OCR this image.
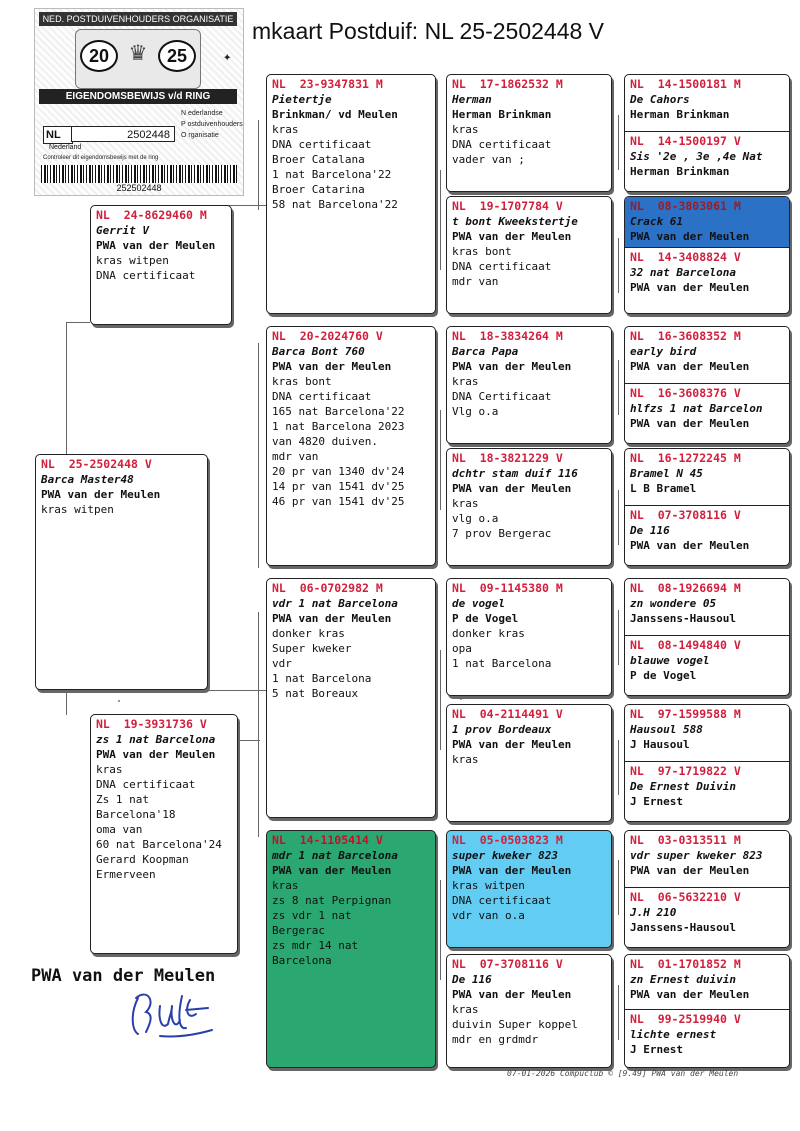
mkaart Postduif: NL 25-2502448 V
NED. POSTDUIVENHOUDERS ORGANISATIE
20 ♛	25	✦
EIGENDOMSBEWIJS v/d RING
N ederlandse
P ostduivenhouders
O rganisatie
NL	2502448
Nederland
Controleer dit eigendomsbewijs met de ring
252502448
NL  25-2502448 V
Barca Master48
PWA van der Meulen
kras witpen
NL  24-8629460 M
Gerrit V
PWA van der Meulen
kras witpen
DNA certificaat
NL  19-3931736 V
zs 1 nat Barcelona
PWA van der Meulen
kras
DNA certificaat
Zs 1 nat
Barcelona'18
oma van
60 nat Barcelona'24
Gerard Koopman
Ermerveen
NL  23-9347831 M
Pietertje
Brinkman/ vd Meulen
kras
DNA certificaat
Broer Catalana
1 nat Barcelona'22
Broer Catarina
58 nat Barcelona'22
NL  20-2024760 V
Barca Bont 760
PWA van der Meulen
kras bont
DNA certificaat
165 nat Barcelona'22
1 nat Barcelona 2023
van 4820 duiven.
mdr van
20 pr van 1340 dv'24
14 pr van 1541 dv'25
46 pr van 1541 dv'25
NL  06-0702982 M
vdr 1 nat Barcelona
PWA van der Meulen
donker kras
Super kweker
vdr
1 nat Barcelona
5 nat Boreaux
NL  14-1105414 V
mdr 1 nat Barcelona
PWA van der Meulen
kras
zs 8 nat Perpignan
zs vdr 1 nat
Bergerac
zs mdr 14 nat
Barcelona
NL  17-1862532 M
Herman
Herman Brinkman
kras
DNA certificaat
vader van ;
NL  19-1707784 V
t bont Kweekstertje
PWA van der Meulen
kras bont
DNA certificaat
mdr van
NL  18-3834264 M
Barca Papa
PWA van der Meulen
kras
DNA Certificaat
Vlg o.a
NL  18-3821229 V
dchtr stam duif 116
PWA van der Meulen
kras
vlg o.a
7 prov Bergerac
NL  09-1145380 M
de vogel
P de Vogel
donker kras
opa
1 nat Barcelona
NL  04-2114491 V
1 prov Bordeaux
PWA van der Meulen
kras
NL  05-0503823 M
super kweker 823
PWA van der Meulen
kras witpen
DNA certificaat
vdr van o.a
NL  07-3708116 V
De 116
PWA van der Meulen
kras
duivin Super koppel
mdr en grdmdr
NL  14-1500181 M
De Cahors
Herman Brinkman
NL  14-1500197 V
Sis '2e , 3e ,4e Nat
Herman Brinkman
NL  08-3803061 M
Crack 61
PWA van der Meulen
NL  14-3408824 V
32 nat Barcelona
PWA van der Meulen
NL  16-3608352 M
early bird
PWA van der Meulen
NL  16-3608376 V
hlfzs 1 nat Barcelon
PWA van der Meulen
NL  16-1272245 M
Bramel N 45
L B Bramel
NL  07-3708116 V
De 116
PWA van der Meulen
NL  08-1926694 M
zn wondere 05
Janssens-Hausoul
NL  08-1494840 V
blauwe vogel
P de Vogel
NL  97-1599588 M
Hausoul 588
J Hausoul
NL  97-1719822 V
De Ernest Duivin
J Ernest
NL  03-0313511 M
vdr super kweker 823
PWA van der Meulen
NL  06-5632210 V
J.H 210
Janssens-Hausoul
NL  01-1701852 M
zn Ernest duivin
PWA van der Meulen
NL  99-2519940 V
lichte ernest
J Ernest
PWA van der Meulen
07-01-2026 Compuclub © [9.49] PWA van der Meulen
